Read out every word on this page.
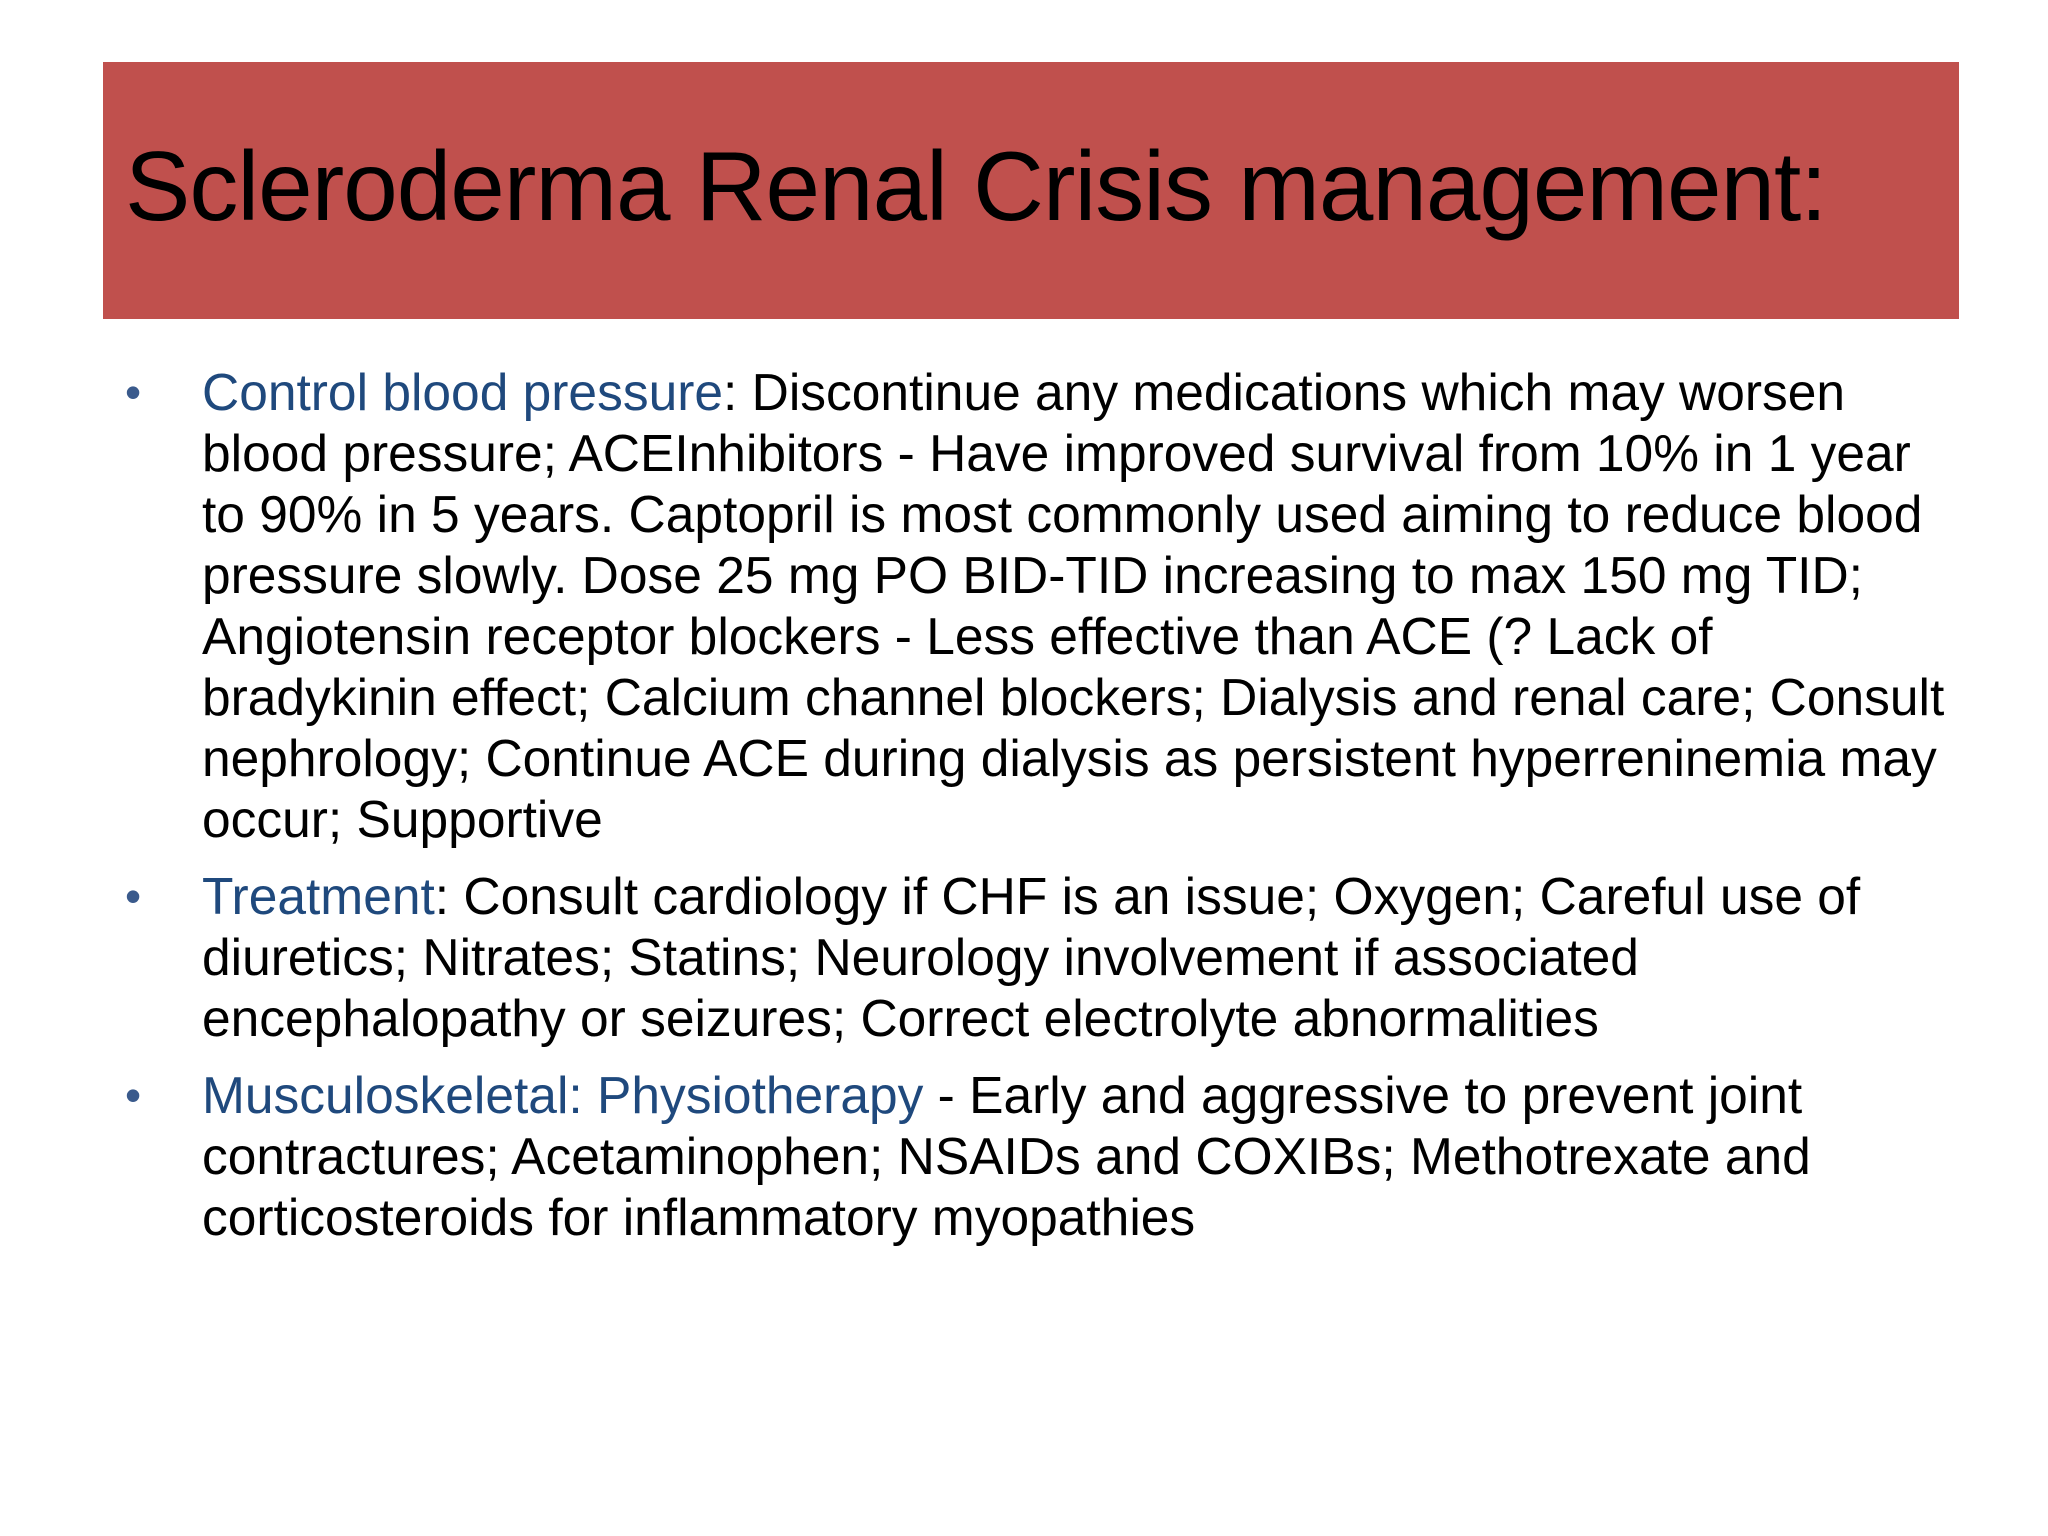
Scleroderma Renal Crisis management:
• Control blood pressure: Discontinue any medications which may worsen blood pressure; ACEInhibitors - Have improved survival from 10% in 1 year to 90% in 5 years. Captopril is most commonly used aiming to reduce blood pressure slowly. Dose 25 mg PO BID-TID increasing to max 150 mg TID; Angiotensin receptor blockers - Less effective than ACE (? Lack of bradykinin effect; Calcium channel blockers; Dialysis and renal care; Consult nephrology; Continue ACE during dialysis as persistent hyperreninemia may occur; Supportive
• Treatment: Consult cardiology if CHF is an issue; Oxygen; Careful use of diuretics; Nitrates; Statins; Neurology involvement if associated encephalopathy or seizures; Correct electrolyte abnormalities
• Musculoskeletal: Physiotherapy - Early and aggressive to prevent joint contractures; Acetaminophen; NSAIDs and COXIBs; Methotrexate and corticosteroids for inflammatory myopathies
